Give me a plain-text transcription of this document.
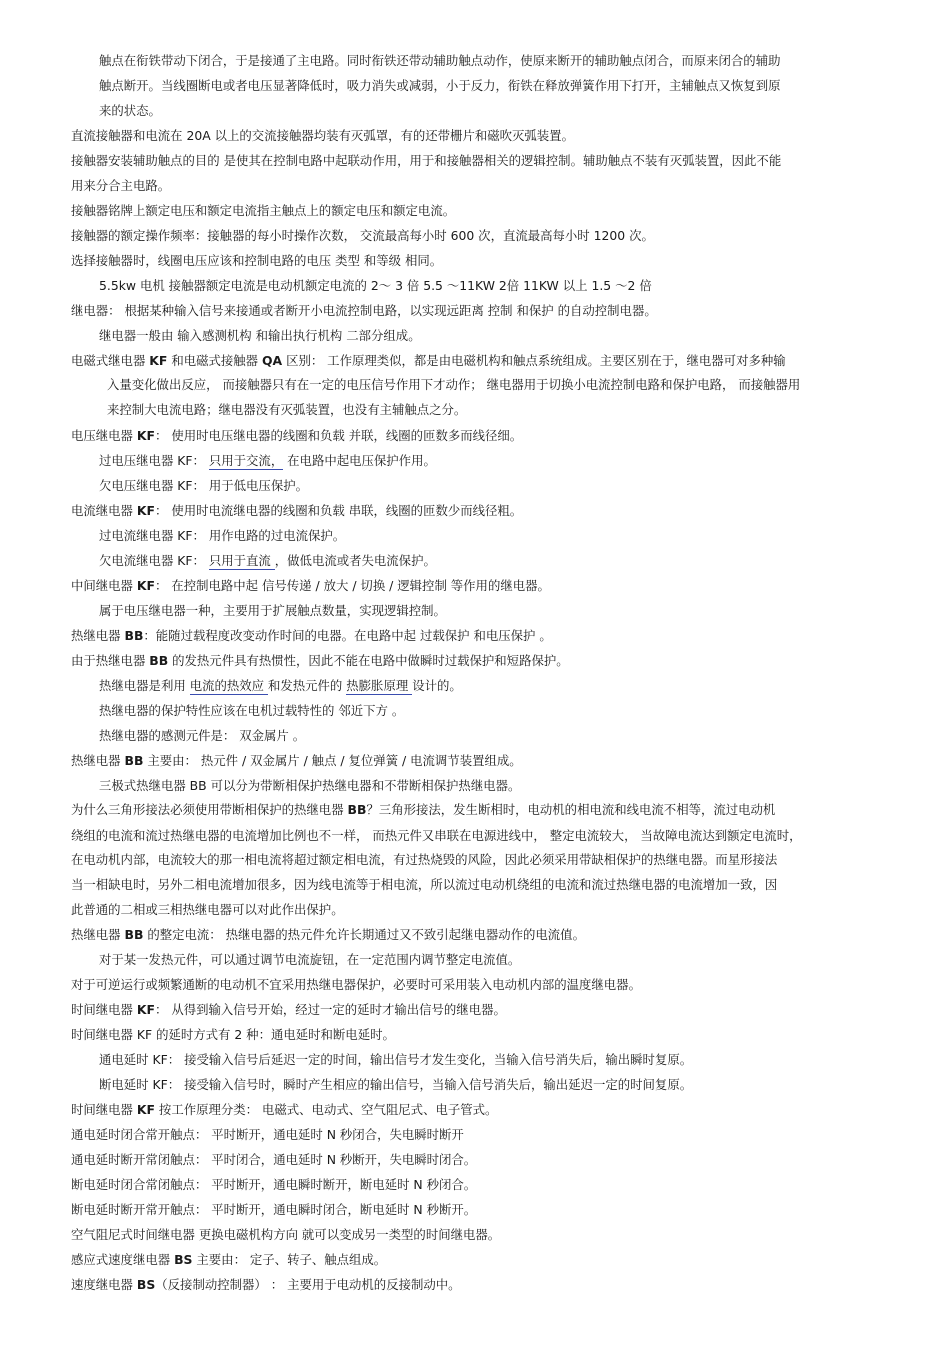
触点在衔铁带动下闭合，于是接通了主电路。同时衔铁还带动辅助触点动作，使原来断开的辅助触点闭合，而原来闭合的辅助
触点断开。当线圈断电或者电压显著降低时，吸力消失或减弱，小于反力，衔铁在释放弹簧作用下打开，主辅触点又恢复到原
来的状态。
直流接触器和电流在 20A 以上的交流接触器均装有灭弧罩，有的还带栅片和磁吹灭弧装置。
接触器安装辅助触点的目的 是使其在控制电路中起联动作用，用于和接触器相关的逻辑控制。辅助触点不装有灭弧装置，因此不能
用来分合主电路。
接触器铭牌上额定电压和额定电流指主触点上的额定电压和额定电流。
接触器的额定操作频率：接触器的每小时操作次数， 交流最高每小时 600 次，直流最高每小时 1200 次。
选择接触器时，线圈电压应该和控制电路的电压 类型 和等级 相同。
5.5kw 电机 接触器额定电流是电动机额定电流的 2～ 3 倍 5.5 ～11KW 2倍 11KW 以上 1.5 ～2 倍
继电器： 根据某种输入信号来接通或者断开小电流控制电路，以实现远距离 控制 和保护 的自动控制电器。
继电器一般由 输入感测机构 和输出执行机构 二部分组成。
电磁式继电器 KF 和电磁式接触器 QA 区别： 工作原理类似，都是由电磁机构和触点系统组成。主要区别在于，继电器可对多种输
入量变化做出反应， 而接触器只有在一定的电压信号作用下才动作； 继电器用于切换小电流控制电路和保护电路， 而接触器用
来控制大电流电路；继电器没有灭弧装置，也没有主辅触点之分。
电压继电器 KF： 使用时电压继电器的线圈和负载 并联，线圈的匝数多而线径细。
过电压继电器 KF： 只用于交流， 在电路中起电压保护作用。
欠电压继电器 KF： 用于低电压保护。
电流继电器 KF： 使用时电流继电器的线圈和负载 串联，线圈的匝数少而线径粗。
过电流继电器 KF： 用作电路的过电流保护。
欠电流继电器 KF： 只用于直流 ，做低电流或者失电流保护。
中间继电器 KF： 在控制电路中起 信号传递 / 放大 / 切换 / 逻辑控制 等作用的继电器。
属于电压继电器一种，主要用于扩展触点数量，实现逻辑控制。
热继电器 BB：能随过载程度改变动作时间的电器。在电路中起 过载保护 和电压保护 。
由于热继电器 BB 的发热元件具有热惯性，因此不能在电路中做瞬时过载保护和短路保护。
热继电器是利用 电流的热效应 和发热元件的 热膨胀原理 设计的。
热继电器的保护特性应该在电机过载特性的 邻近下方 。
热继电器的感测元件是： 双金属片 。
热继电器 BB 主要由： 热元件 / 双金属片 / 触点 / 复位弹簧 / 电流调节装置组成。
三极式热继电器 BB 可以分为带断相保护热继电器和不带断相保护热继电器。
为什么三角形接法必须使用带断相保护的热继电器 BB？三角形接法，发生断相时，电动机的相电流和线电流不相等，流过电动机
绕组的电流和流过热继电器的电流增加比例也不一样， 而热元件又串联在电源进线中， 整定电流较大， 当故障电流达到额定电流时，
在电动机内部，电流较大的那一相电流将超过额定相电流，有过热烧毁的风险，因此必须采用带缺相保护的热继电器。而星形接法
当一相缺电时，另外二相电流增加很多，因为线电流等于相电流，所以流过电动机绕组的电流和流过热继电器的电流增加一致，因
此普通的二相或三相热继电器可以对此作出保护。
热继电器 BB 的整定电流： 热继电器的热元件允许长期通过又不致引起继电器动作的电流值。
对于某一发热元件，可以通过调节电流旋钮，在一定范围内调节整定电流值。
对于可逆运行或频繁通断的电动机不宜采用热继电器保护，必要时可采用装入电动机内部的温度继电器。
时间继电器 KF： 从得到输入信号开始，经过一定的延时才输出信号的继电器。
时间继电器 KF 的延时方式有 2 种：通电延时和断电延时。
通电延时 KF： 接受输入信号后延迟一定的时间，输出信号才发生变化，当输入信号消失后，输出瞬时复原。
断电延时 KF： 接受输入信号时，瞬时产生相应的输出信号，当输入信号消失后，输出延迟一定的时间复原。
时间继电器 KF 按工作原理分类： 电磁式、电动式、空气阻尼式、电子管式。
通电延时闭合常开触点： 平时断开，通电延时 N 秒闭合，失电瞬时断开
通电延时断开常闭触点： 平时闭合，通电延时 N 秒断开，失电瞬时闭合。
断电延时闭合常闭触点： 平时断开，通电瞬时断开，断电延时 N 秒闭合。
断电延时断开常开触点： 平时断开，通电瞬时闭合，断电延时 N 秒断开。
空气阻尼式时间继电器 更换电磁机构方向 就可以变成另一类型的时间继电器。
感应式速度继电器 BS 主要由： 定子、转子、触点组成。
速度继电器 BS（反接制动控制器） ： 主要用于电动机的反接制动中。
